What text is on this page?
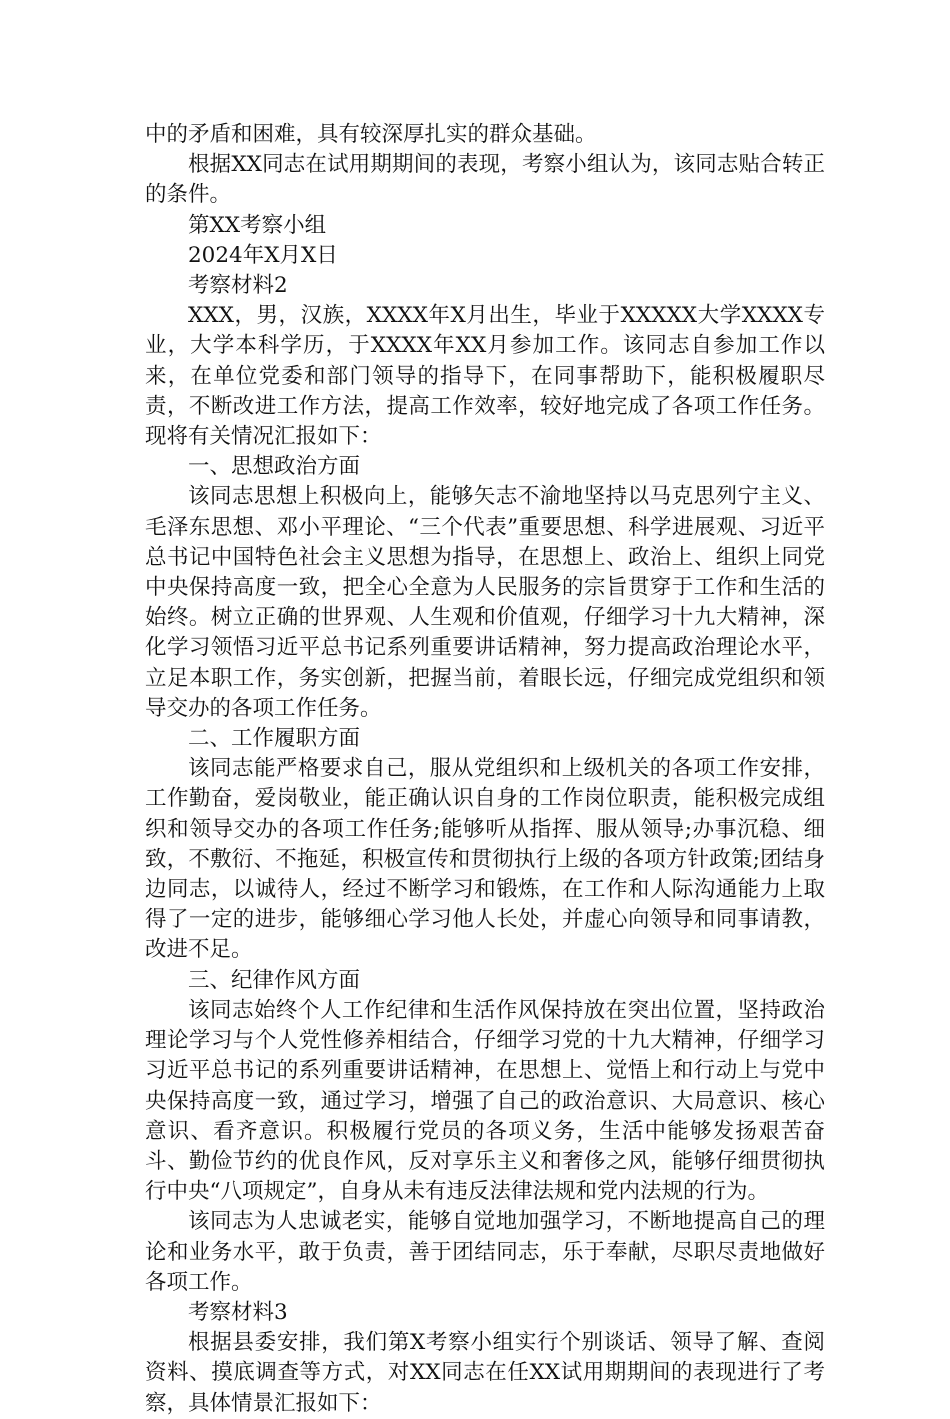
中的矛盾和困难，具有较深厚扎实的群众基础。

根据XX同志在试用期期间的表现，考察小组认为，该同志贴合转正的条件。

第XX考察小组

2024年X月X日

考察材料2

XXX，男，汉族，XXXX年X月出生，毕业于XXXXX大学XXXX专业，大学本科学历，于XXXX年XX月参加工作。该同志自参加工作以来，在单位党委和部门领导的指导下，在同事帮助下，能积极履职尽责，不断改进工作方法，提高工作效率，较好地完成了各项工作任务。现将有关情况汇报如下：

一、思想政治方面

该同志思想上积极向上，能够矢志不渝地坚持以马克思列宁主义、毛泽东思想、邓小平理论、“三个代表”重要思想、科学进展观、习近平总书记中国特色社会主义思想为指导，在思想上、政治上、组织上同党中央保持高度一致，把全心全意为人民服务的宗旨贯穿于工作和生活的始终。树立正确的世界观、人生观和价值观，仔细学习十九大精神，深化学习领悟习近平总书记系列重要讲话精神，努力提高政治理论水平，立足本职工作，务实创新，把握当前，着眼长远，仔细完成党组织和领导交办的各项工作任务。

二、工作履职方面

该同志能严格要求自己，服从党组织和上级机关的各项工作安排，工作勤奋，爱岗敬业，能正确认识自身的工作岗位职责，能积极完成组织和领导交办的各项工作任务;能够听从指挥、服从领导;办事沉稳、细致，不敷衍、不拖延，积极宣传和贯彻执行上级的各项方针政策;团结身边同志，以诚待人，经过不断学习和锻炼，在工作和人际沟通能力上取得了一定的进步，能够细心学习他人长处，并虚心向领导和同事请教，改进不足。

三、纪律作风方面

该同志始终个人工作纪律和生活作风保持放在突出位置，坚持政治理论学习与个人党性修养相结合，仔细学习党的十九大精神，仔细学习习近平总书记的系列重要讲话精神，在思想上、觉悟上和行动上与党中央保持高度一致，通过学习，增强了自己的政治意识、大局意识、核心意识、看齐意识。积极履行党员的各项义务，生活中能够发扬艰苦奋斗、勤俭节约的优良作风，反对享乐主义和奢侈之风，能够仔细贯彻执行中央“八项规定”，自身从未有违反法律法规和党内法规的行为。

该同志为人忠诚老实，能够自觉地加强学习，不断地提高自己的理论和业务水平，敢于负责，善于团结同志，乐于奉献，尽职尽责地做好各项工作。

考察材料3

根据县委安排，我们第X考察小组实行个别谈话、领导了解、查阅资料、摸底调查等方式，对XX同志在任XX试用期期间的表现进行了考察，具体情景汇报如下：
